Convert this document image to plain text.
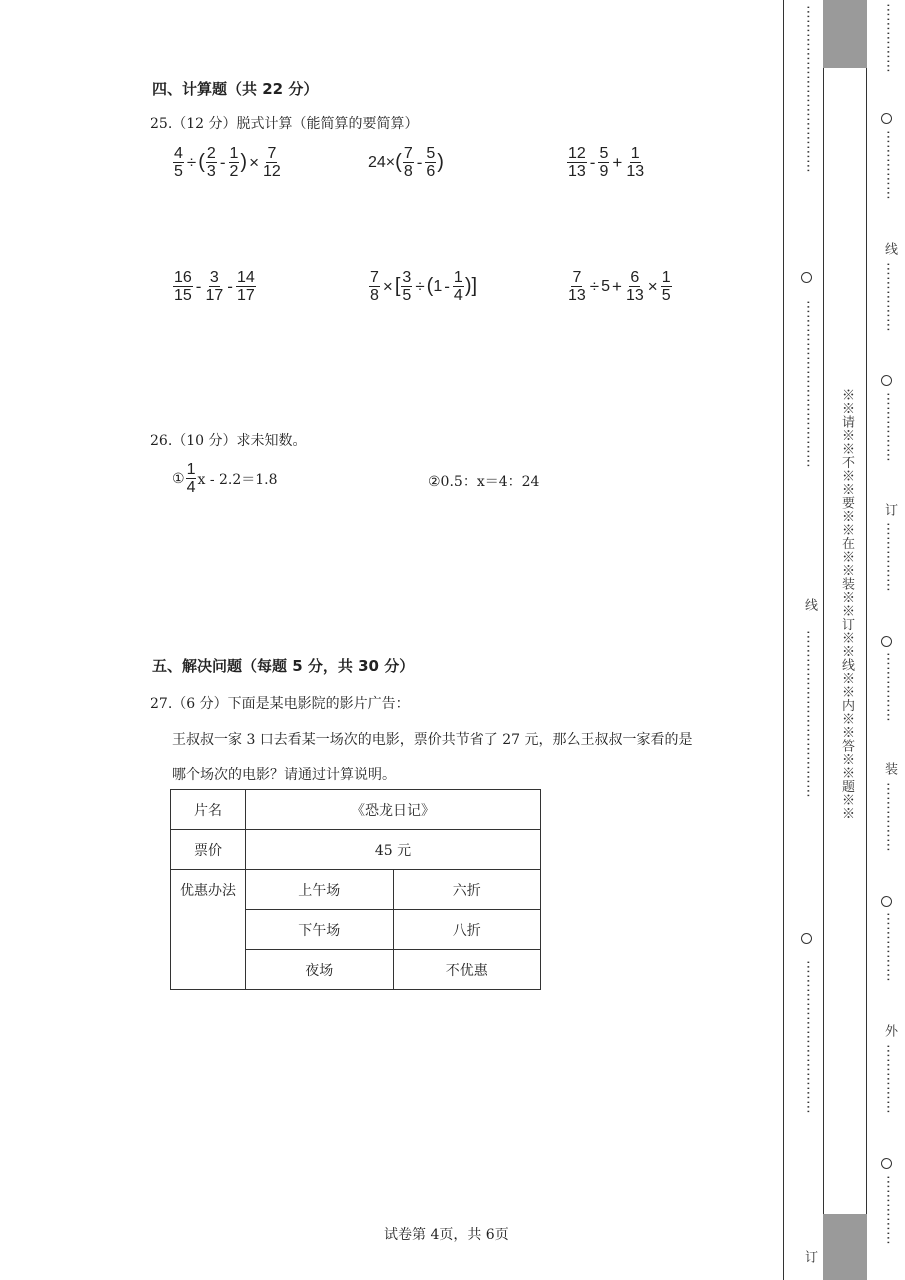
四、计算题（共 22 分）
25.（12 分）脱式计算（能简算的要简算）
$\frac{4}{5}$ ÷ ( $\frac{2}{3} - \frac{1}{2}$ ) × $\frac{7}{12}$	24× ( $\frac{7}{8} - \frac{5}{6}$ )	$\frac{12}{13} - \frac{5}{9} + \frac{1}{13}$
$\frac{16}{15} - \frac{3}{17} - \frac{14}{17}$	$\frac{7}{8}$ × [ $\frac{3}{5}$ ÷ ( $1 - \frac{1}{4}$ ) ]	$\frac{7}{13} \div 5 + \frac{6}{13} \times \frac{1}{5}$
26.（10 分）求未知数。
① $\frac{1}{4}$ x - 2.2＝1.8	②0.5：x＝4：24
五、解决问题（每题 5 分，共 30 分）
27.（6 分）下面是某电影院的影片广告：
王叔叔一家 3 口去看某一场次的电影，票价共节省了 27 元，那么王叔叔一家看的是
哪个场次的电影？请通过计算说明。
片名	《恐龙日记》	
票价	45 元	
优惠办法	上午场	六折
	下午场	八折
	夜场	不优惠
试卷第 4页，共 6页
⋯⋯⋯⋯⋯⋯⋯⋯⋯⋯⋯⋯
⋯⋯⋯⋯⋯⋯⋯⋯⋯⋯⋯⋯
线
⋯⋯⋯⋯⋯⋯⋯⋯⋯⋯⋯⋯
⋯⋯⋯⋯⋯⋯⋯⋯⋯⋯⋯
订
※※请※※不※※要※※在※※装※※订※※线※※内※※答※※题※※
⋯⋯⋯⋯⋯
⋯⋯⋯⋯⋯
线
⋯⋯⋯⋯⋯
⋯⋯⋯⋯⋯
订
⋯⋯⋯⋯⋯
⋯⋯⋯⋯⋯
装
⋯⋯⋯⋯⋯
⋯⋯⋯⋯⋯
外
⋯⋯⋯⋯⋯
⋯⋯⋯⋯⋯
